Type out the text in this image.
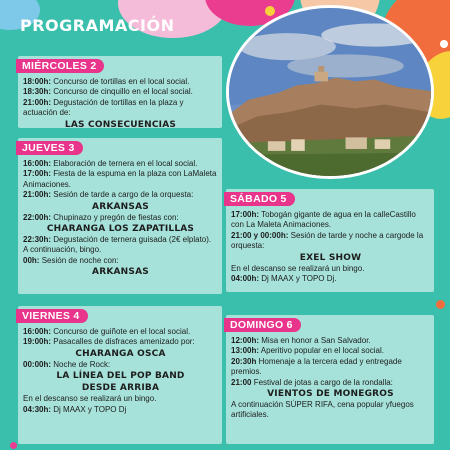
PROGRAMACIÓN
MIÉRCOLES 2
18:00h: Concurso de tortillas en el local social.
18:30h: Concurso de cinquillo en el local social.
21:00h: Degustación de tortillas en la plaza y actuación de:
LAS CONSECUENCIAS
JUEVES 3
16:00h: Elaboración de ternera en el local social.
17:00h: Fiesta de la espuma en la plaza con LaMaleta Animaciones.
21:00h: Sesión de tarde a cargo de la orquesta:
ARKANSAS
22:00h: Chupinazo y pregón de fiestas con:
CHARANGA LOS ZAPATILLAS
22:30h: Degustación de ternera guisada (2€ elplato).
A continuación, bingo.
00h: Sesión de noche con:
ARKANSAS
VIERNES 4
16:00h: Concurso de guiñote en el local social.
19:00h: Pasacalles de disfraces amenizado por:
CHARANGA OSCA
00:00h: Noche de Rock:
LA LÍNEA DEL POP BAND
DESDE ARRIBA
En el descanso se realizará un bingo.
04:30h: Dj MAAX y TOPO Dj
SÁBADO 5
17:00h: Tobogán gigante de agua en la calleCastillo con La Maleta Animaciones.
21:00 y 00:00h: Sesión de tarde y noche a cargode la orquesta:
EXEL SHOW
En el descanso se realizará un bingo.
04:00h: Dj MAAX y TOPO Dj.
DOMINGO 6
12:00h: Misa en honor a San Salvador.
13:00h: Aperitivo popular en el local social.
20:30h Homenaje a la tercera edad y entregade premios.
21:00 Festival de jotas a cargo de la rondalla:
VIENTOS DE MONEGROS
A continuación SÚPER RIFA, cena popular yfuegos artificiales.
